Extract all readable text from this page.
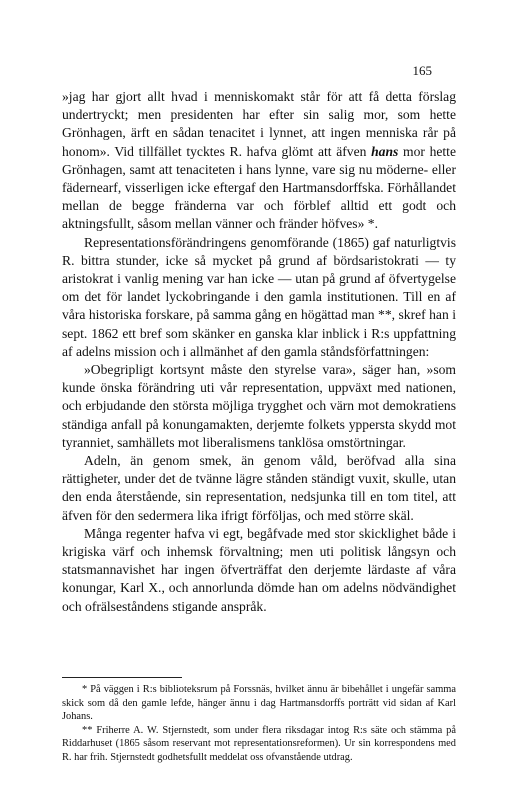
165

»jag har gjort allt hvad i menniskomakt står för att få detta förslag undertryckt; men presidenten har efter sin salig mor, som hette Grönhagen, ärft en sådan tenacitet i lynnet, att ingen menniska rår på honom». Vid tillfället tycktes R. hafva glömt att äfven hans mor hette Grönhagen, samt att tenaciteten i hans lynne, vare sig nu möderne- eller fädernearf, visserligen icke eftergaf den Hartmansdorffska. Förhållandet mellan de begge fränderna var och förblef alltid ett godt och aktningsfullt, såsom mellan vänner och fränder höfves» *.

Representationsförändringens genomförande (1865) gaf naturligtvis R. bittra stunder, icke så mycket på grund af bördsaristokrati — ty aristokrat i vanlig mening var han icke — utan på grund af öfvertygelse om det för landet lyckobringande i den gamla institutionen. Till en af våra historiska forskare, på samma gång en högättad man **, skref han i sept. 1862 ett bref som skänker en ganska klar inblick i R:s uppfattning af adelns mission och i allmänhet af den gamla ståndsförfattningen:

»Obegripligt kortsynt måste den styrelse vara», säger han, »som kunde önska förändring uti vår representation, uppväxt med nationen, och erbjudande den största möjliga trygghet och värn mot demokratiens ständiga anfall på konungamakten, derjemte folkets yppersta skydd mot tyranniet, samhällets mot liberalismens tanklösa omstörtningar.

Adeln, än genom smek, än genom våld, beröfvad alla sina rättigheter, under det de tvänne lägre stånden ständigt vuxit, skulle, utan den enda återstående, sin representation, nedsjunka till en tom titel, att äfven för den sedermera lika ifrigt förföljas, och med större skäl.

Många regenter hafva vi egt, begåfvade med stor skicklighet både i krigiska värf och inhemsk förvaltning; men uti politisk långsyn och statsmannavishet har ingen öfverträffat den derjemte lärdaste af våra konungar, Karl X., och annorlunda dömde han om adelns nödvändighet och ofrälseståndens stigande anspråk.

* På väggen i R:s biblioteksrum på Forssnäs, hvilket ännu är bibehållet i ungefär samma skick som då den gamle lefde, hänger ännu i dag Hartmansdorffs porträtt vid sidan af Karl Johans.

** Friherre A. W. Stjernstedt, som under flera riksdagar intog R:s säte och stämma på Riddarhuset (1865 såsom reservant mot representationsreformen). Ur sin korrespondens med R. har frih. Stjernstedt godhetsfullt meddelat oss ofvanstående utdrag.
